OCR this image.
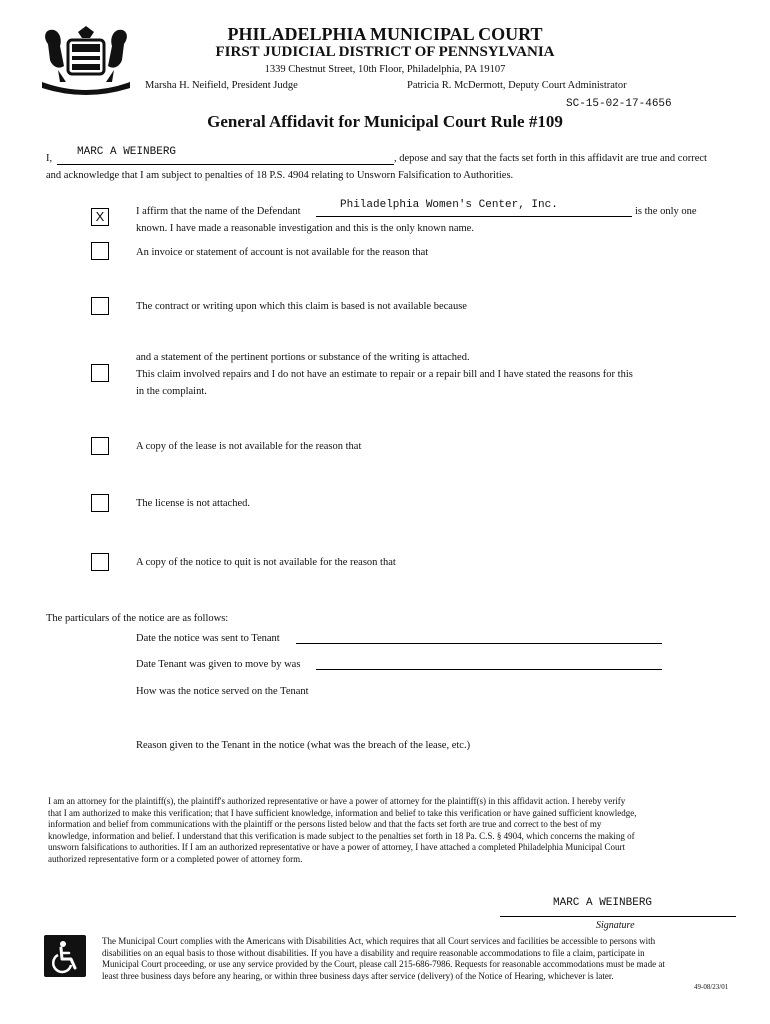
PHILADELPHIA MUNICIPAL COURT
FIRST JUDICIAL DISTRICT OF PENNSYLVANIA
1339 Chestnut Street, 10th Floor, Philadelphia, PA 19107
Marsha H. Neifield, President Judge	Patricia R. McDermott, Deputy Court Administrator
SC-15-02-17-4656
General Affidavit for Municipal Court Rule #109
I,
MARC A WEINBERG
, depose and say that the facts set forth in this affidavit are true and correct
and acknowledge that I am subject to penalties of 18 P.S. 4904 relating to Unsworn Falsification to Authorities.
X	I affirm that the name of the Defendant
Philadelphia Women's Center, Inc.
is the only one
known. I have made a reasonable investigation and this is the only known name.
An invoice or statement of account is not available for the reason that
The contract or writing upon which this claim is based is not available because
and a statement of the pertinent portions or substance of the writing is attached.
This claim involved repairs and I do not have an estimate to repair or a repair bill and I have stated the reasons for this
in the complaint.
A copy of the lease is not available for the reason that
The license is not attached.
A copy of the notice to quit is not available for the reason that
The particulars of the notice are as follows:
Date the notice was sent to Tenant
Date Tenant was given to move by was
How was the notice served on the Tenant
Reason given to the Tenant in the notice (what was the breach of the lease, etc.)
I am an attorney for the plaintiff(s), the plaintiff's authorized representative or have a power of attorney for the plaintiff(s) in this affidavit action. I hereby verify
that I am authorized to make this verification; that I have sufficient knowledge, information and belief to take this verification or have gained sufficient knowledge,
information and belief from communications with the plaintiff or the persons listed below and that the facts set forth are true and correct to the best of my
knowledge, information and belief. I understand that this verification is made subject to the penalties set forth in 18 Pa. C.S. § 4904, which concerns the making of
unsworn falsifications to authorities. If I am an authorized representative or have a power of attorney, I have attached a completed Philadelphia Municipal Court
authorized representative form or a completed power of attorney form.
MARC A WEINBERG
Signature
The Municipal Court complies with the Americans with Disabilities Act, which requires that all Court services and facilities be accessible to persons with
disabilities on an equal basis to those without disabilities. If you have a disability and require reasonable accommodations to file a claim, participate in
Municipal Court proceeding, or use any service provided by the Court, please call 215-686-7986. Requests for reasonable accommodations must be made at
least three business days before any hearing, or within three business days after service (delivery) of the Notice of Hearing, whichever is later.
49-08/23/01
